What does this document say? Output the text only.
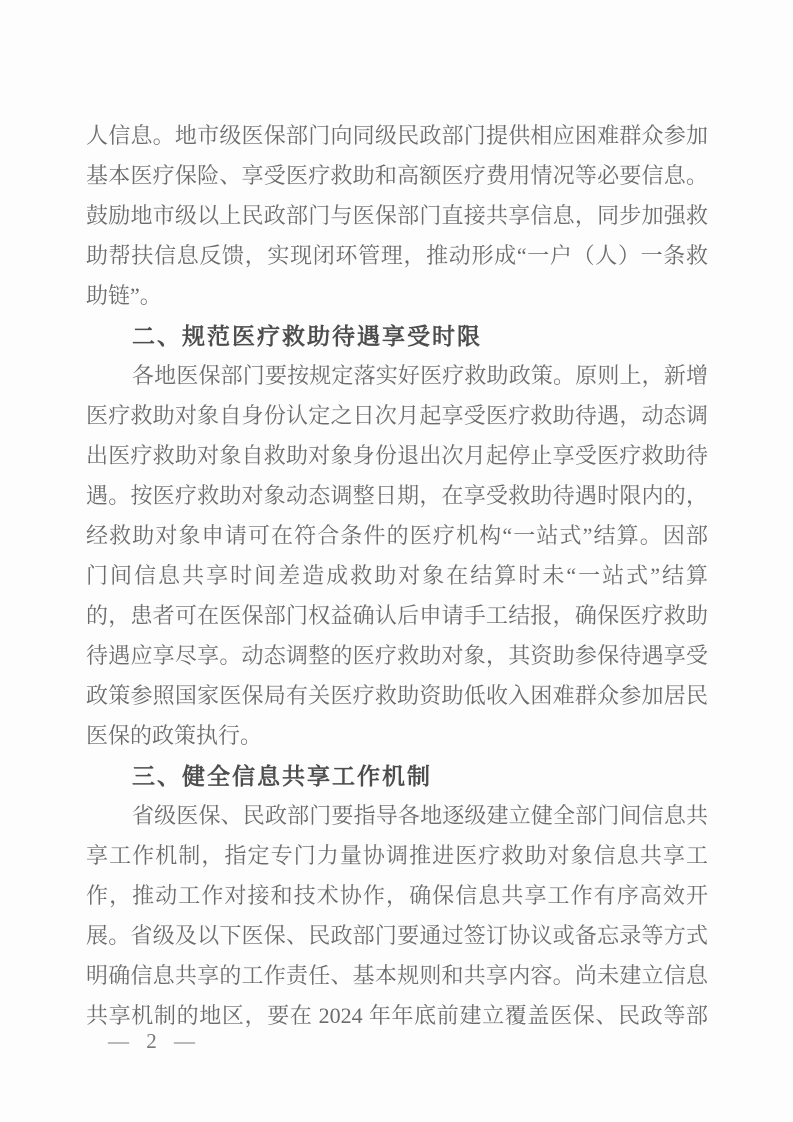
人信息。地市级医保部门向同级民政部门提供相应困难群众参加
基本医疗保险、享受医疗救助和高额医疗费用情况等必要信息。
鼓励地市级以上民政部门与医保部门直接共享信息，同步加强救
助帮扶信息反馈，实现闭环管理，推动形成“一户（人）一条救
助链”。
二、规范医疗救助待遇享受时限
各地医保部门要按规定落实好医疗救助政策。原则上，新增
医疗救助对象自身份认定之日次月起享受医疗救助待遇，动态调
出医疗救助对象自救助对象身份退出次月起停止享受医疗救助待
遇。按医疗救助对象动态调整日期，在享受救助待遇时限内的，
经救助对象申请可在符合条件的医疗机构“一站式”结算。因部
门间信息共享时间差造成救助对象在结算时未“一站式”结算
的，患者可在医保部门权益确认后申请手工结报，确保医疗救助
待遇应享尽享。动态调整的医疗救助对象，其资助参保待遇享受
政策参照国家医保局有关医疗救助资助低收入困难群众参加居民
医保的政策执行。
三、健全信息共享工作机制
省级医保、民政部门要指导各地逐级建立健全部门间信息共
享工作机制，指定专门力量协调推进医疗救助对象信息共享工
作，推动工作对接和技术协作，确保信息共享工作有序高效开
展。省级及以下医保、民政部门要通过签订协议或备忘录等方式
明确信息共享的工作责任、基本规则和共享内容。尚未建立信息
共享机制的地区，要在 2024 年年底前建立覆盖医保、民政等部
— 2 —
